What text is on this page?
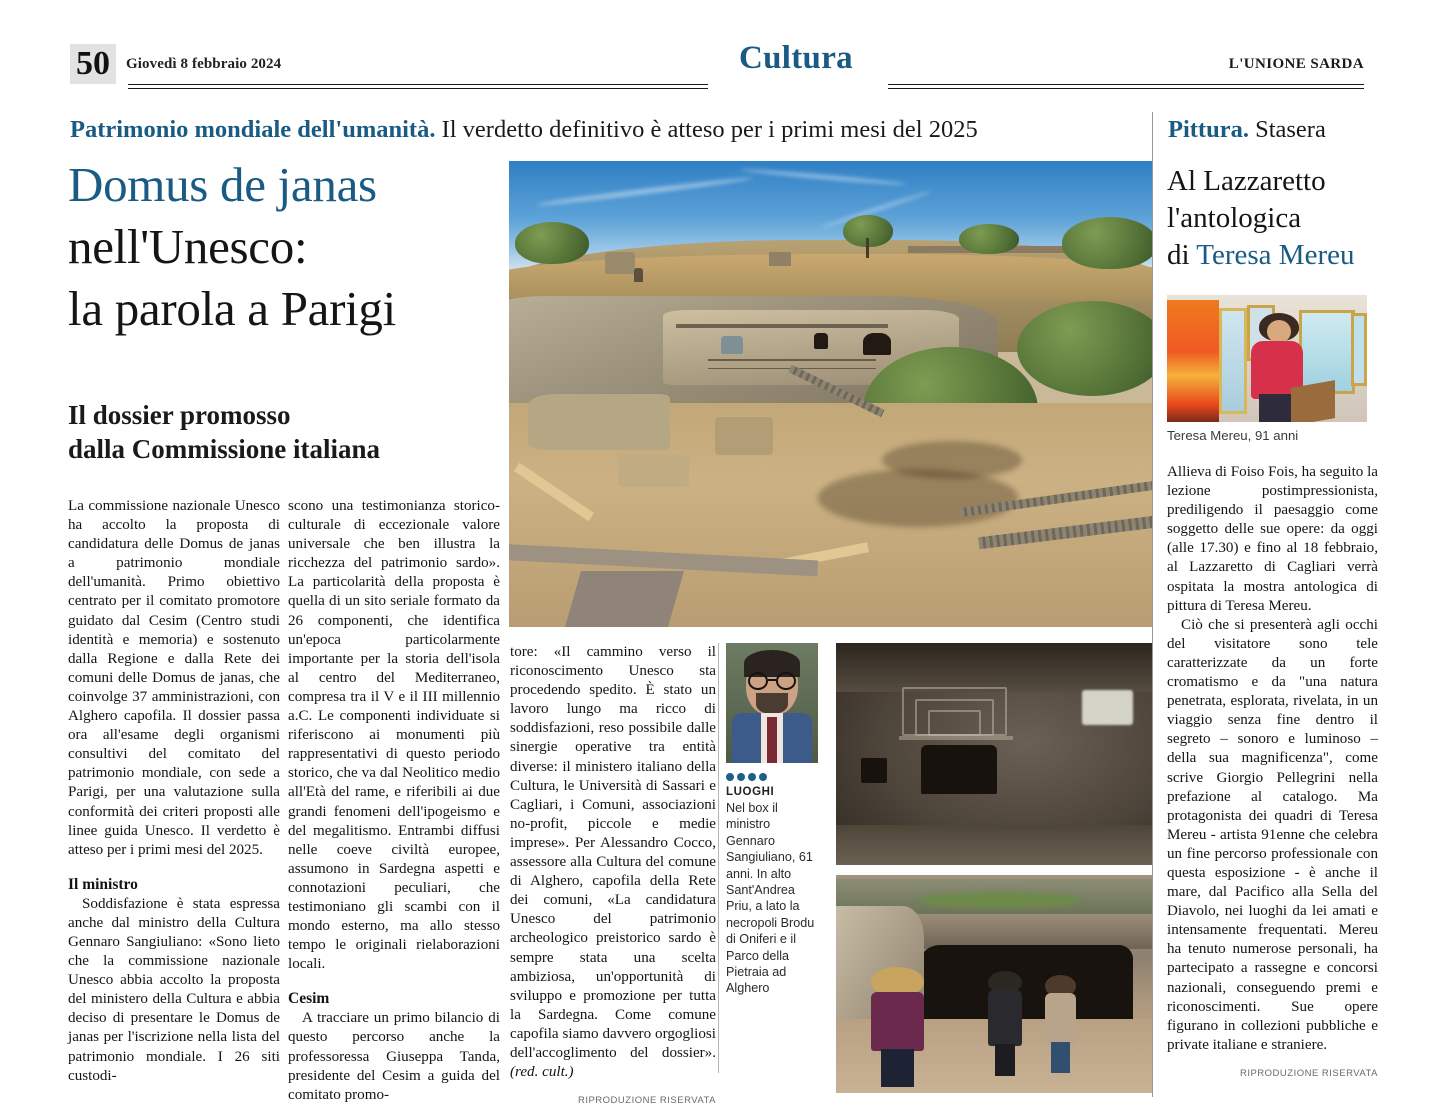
50	Giovedì 8 febbraio 2024	Cultura	L'UNIONE SARDA
Patrimonio mondiale dell'umanità. Il verdetto definitivo è atteso per i primi mesi del 2025	Pittura. Stasera
Domus de janas
nell'Unesco:
la parola a Parigi
Il dossier promosso
dalla Commissione italiana

La commissione nazionale Unesco ha accolto la proposta di candidatura delle Domus de janas a patrimonio mondiale dell'umanità. Primo obiettivo centrato per il comitato promotore guidato dal Cesim (Centro studi identità e memoria) e sostenuto dalla Regione e dalla Rete dei comuni delle Domus de janas, che coinvolge 37 amministrazioni, con Alghero capofila. Il dossier passa ora all'esame degli organismi consultivi del comitato del patrimonio mondiale, con sede a Parigi, per una valutazione sulla conformità dei criteri proposti alle linee guida Unesco. Il verdetto è atteso per i primi mesi del 2025.

Il ministro

Soddisfazione è stata espressa anche dal ministro della Cultura Gennaro Sangiuliano: «Sono lieto che la commissione nazionale Unesco abbia accolto la proposta del ministero della Cultura e abbia deciso di presentare le Domus de janas per l'iscrizione nella lista del patrimonio mondiale. I 26 siti custodi-

scono una testimonianza storico-culturale di eccezionale valore universale che ben illustra la ricchezza del patrimonio sardo». La particolarità della proposta è quella di un sito seriale formato da 26 componenti, che identifica un'epoca particolarmente importante per la storia dell'isola al centro del Mediterraneo, compresa tra il V e il III millennio a.C. Le componenti individuate si riferiscono ai monumenti più rappresentativi di questo periodo storico, che va dal Neolitico medio all'Età del rame, e riferibili ai due grandi fenomeni dell'ipogeismo e del megalitismo. Entrambi diffusi nelle coeve civiltà europee, assumono in Sardegna aspetti e connotazioni peculiari, che testimoniano gli scambi con il mondo esterno, ma allo stesso tempo le originali rielaborazioni locali.

Cesim

A tracciare un primo bilancio di questo percorso anche la professoressa Giuseppa Tanda, presidente del Cesim a guida del comitato promo-

tore: «Il cammino verso il riconoscimento Unesco sta procedendo spedito. È stato un lavoro lungo ma ricco di soddisfazioni, reso possibile dalle sinergie operative tra entità diverse: il ministero italiano della Cultura, le Università di Sassari e Cagliari, i Comuni, associazioni no-profit, piccole e medie imprese». Per Alessandro Cocco, assessore alla Cultura del comune di Alghero, capofila della Rete dei comuni, «La candidatura Unesco del patrimonio archeologico preistorico sardo è sempre stata una scelta ambiziosa, un'opportunità di sviluppo e promozione per tutta la Sardegna. Come comune capofila siamo davvero orgogliosi dell'accoglimento del dossier». (red. cult.)

RIPRODUZIONE RISERVATA
LUOGHI
Nel box il ministro Gennaro Sangiuliano, 61 anni. In alto Sant'Andrea Priu, a lato la necropoli Brodu di Oniferi e il Parco della Pietraia ad Alghero
Al Lazzaretto
l'antologica
di Teresa Mereu
Teresa Mereu, 91 anni

Allieva di Foiso Fois, ha seguito la lezione postimpressionista, prediligendo il paesaggio come soggetto delle sue opere: da oggi (alle 17.30) e fino al 18 febbraio, al Lazzaretto di Cagliari verrà ospitata la mostra antologica di pittura di Teresa Mereu.

Ciò che si presenterà agli occhi del visitatore sono tele caratterizzate da un forte cromatismo e da "una natura penetrata, esplorata, rivelata, in un viaggio senza fine dentro il segreto – sonoro e luminoso – della sua magnificenza", come scrive Giorgio Pellegrini nella prefazione al catalogo. Ma protagonista dei quadri di Teresa Mereu - artista 91enne che celebra un fine percorso professionale con questa esposizione - è anche il mare, dal Pacifico alla Sella del Diavolo, nei luoghi da lei amati e intensamente frequentati. Mereu ha tenuto numerose personali, ha partecipato a rassegne e concorsi nazionali, conseguendo premi e riconoscimenti. Sue opere figurano in collezioni pubbliche e private italiane e straniere.

RIPRODUZIONE RISERVATA
